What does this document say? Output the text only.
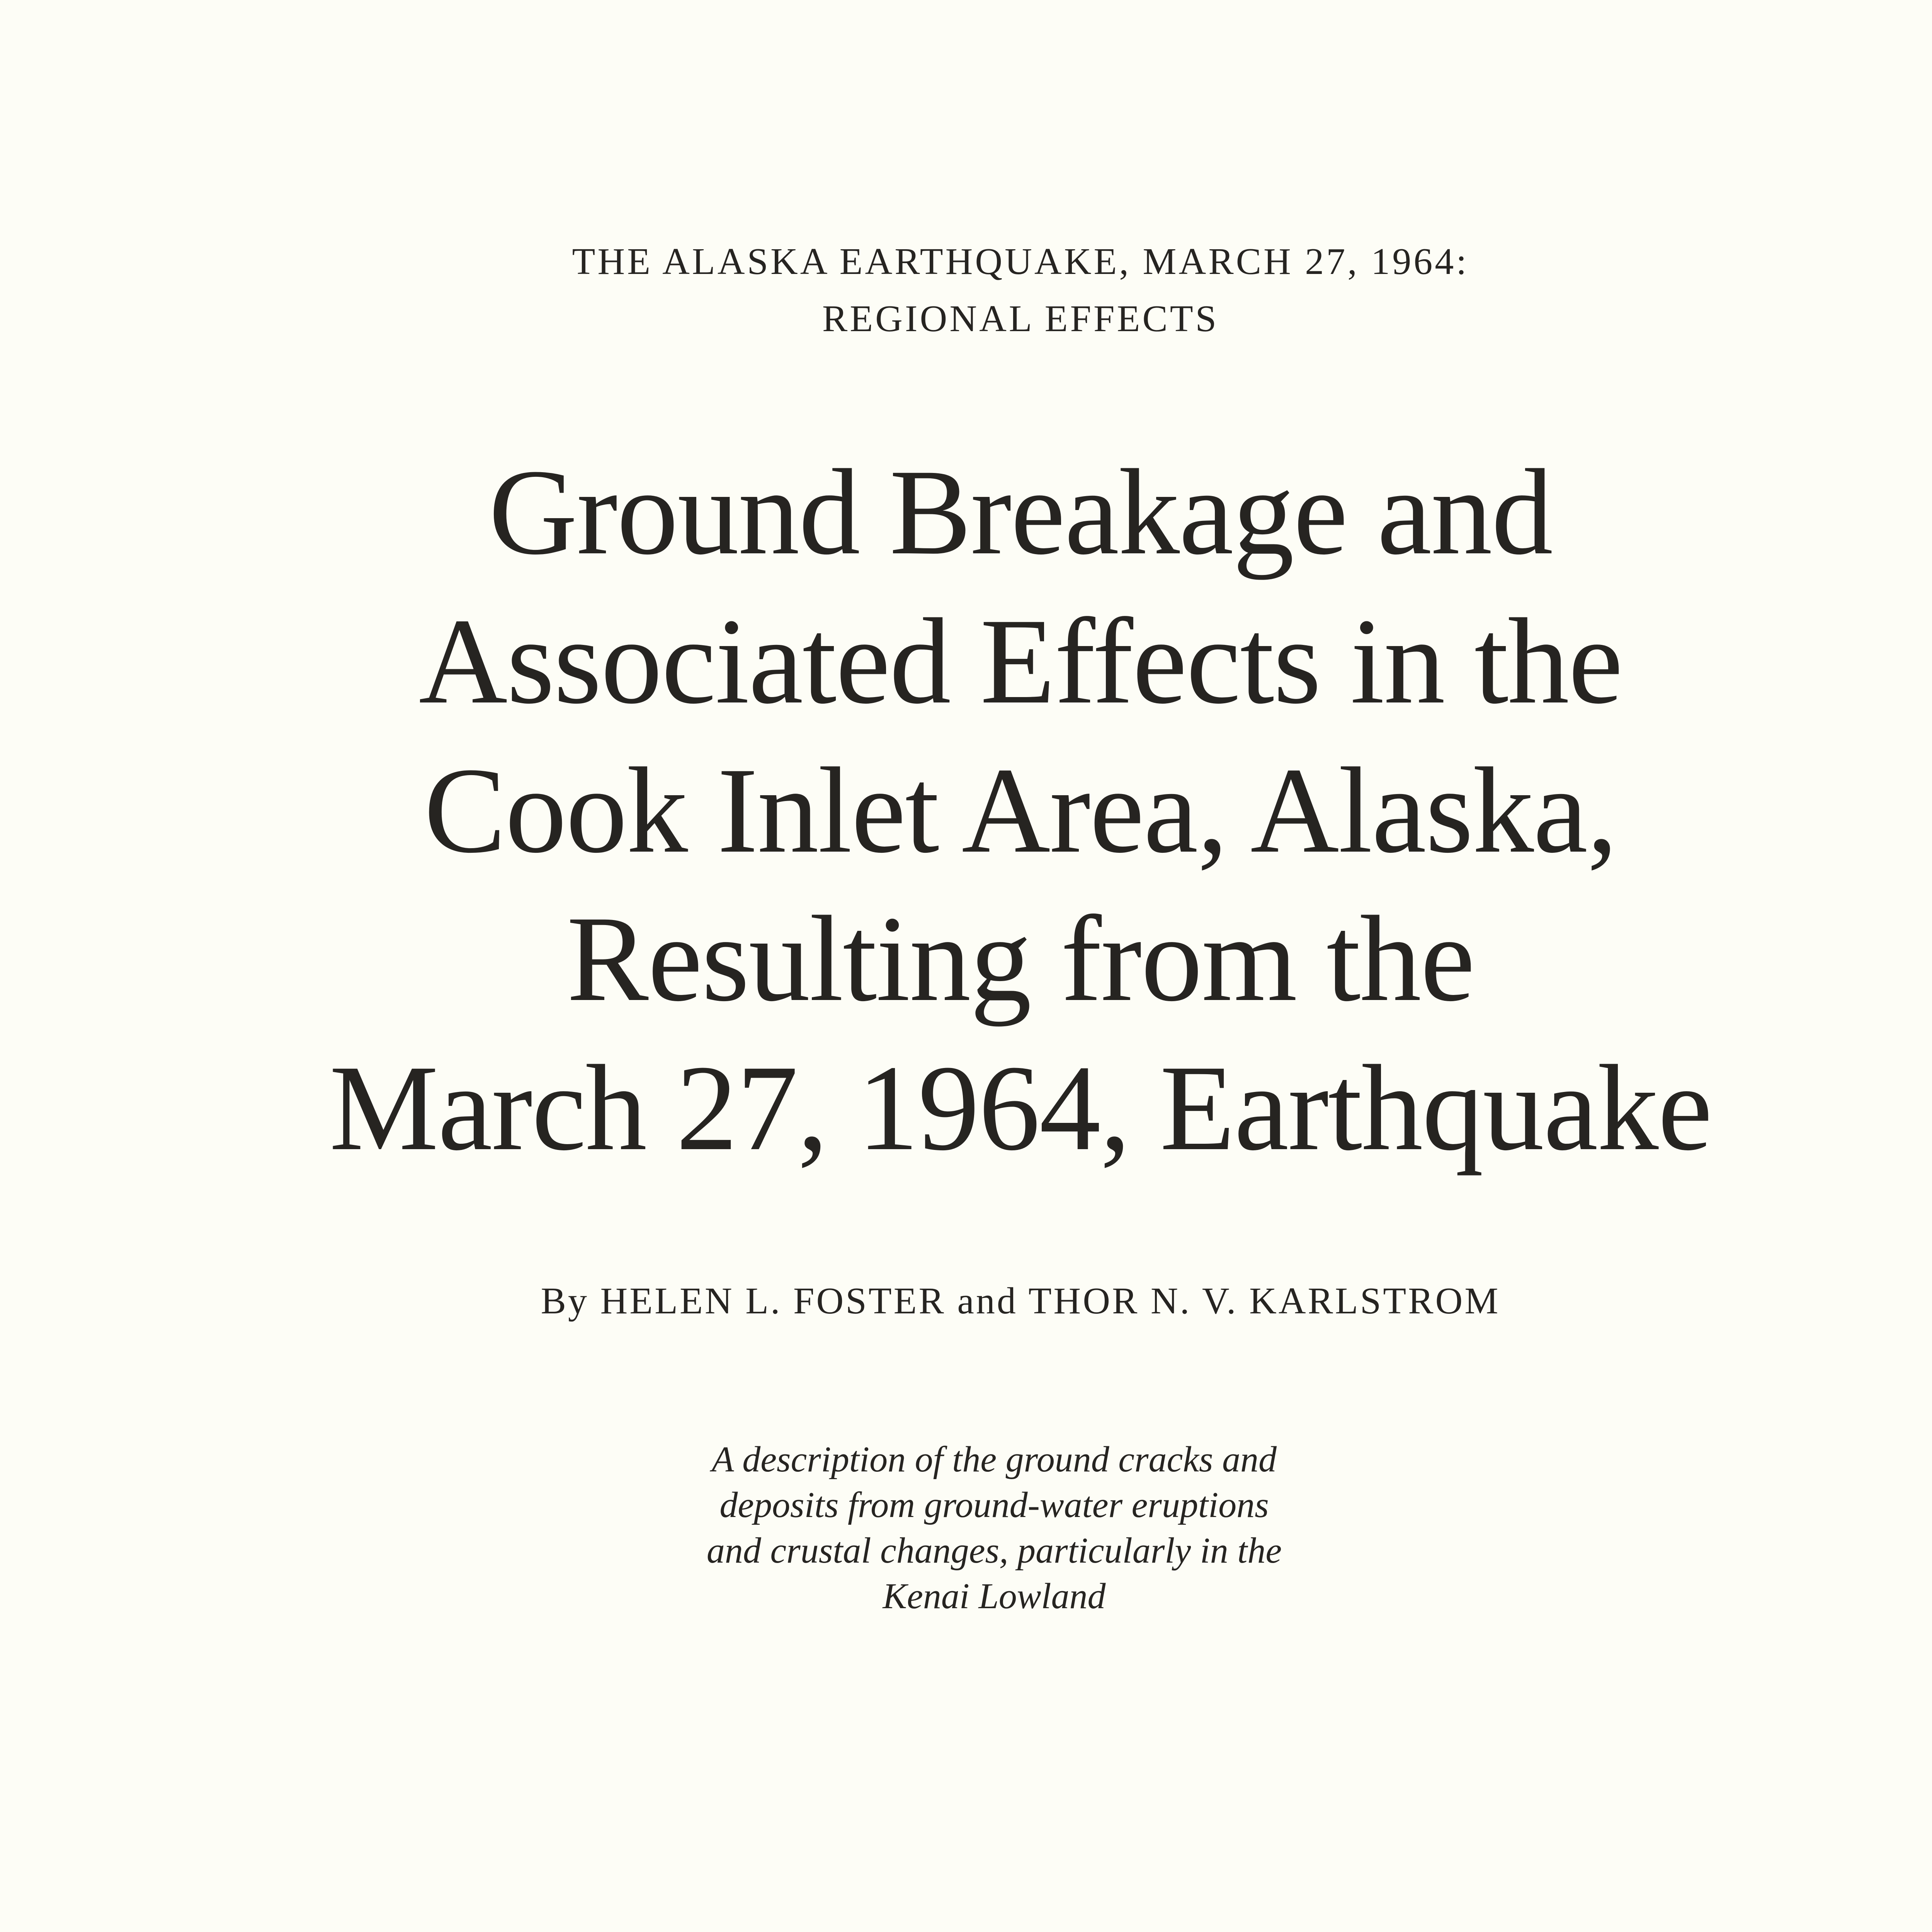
THE ALASKA EARTHQUAKE, MARCH 27, 1964:
REGIONAL EFFECTS
Ground Breakage and
Associated Effects in the
Cook Inlet Area, Alaska,
Resulting from the
March 27, 1964, Earthquake
By HELEN L. FOSTER and THOR N. V. KARLSTROM
A description of the ground cracks and
deposits from ground-water eruptions
and crustal changes, particularly in the
Kenai Lowland
